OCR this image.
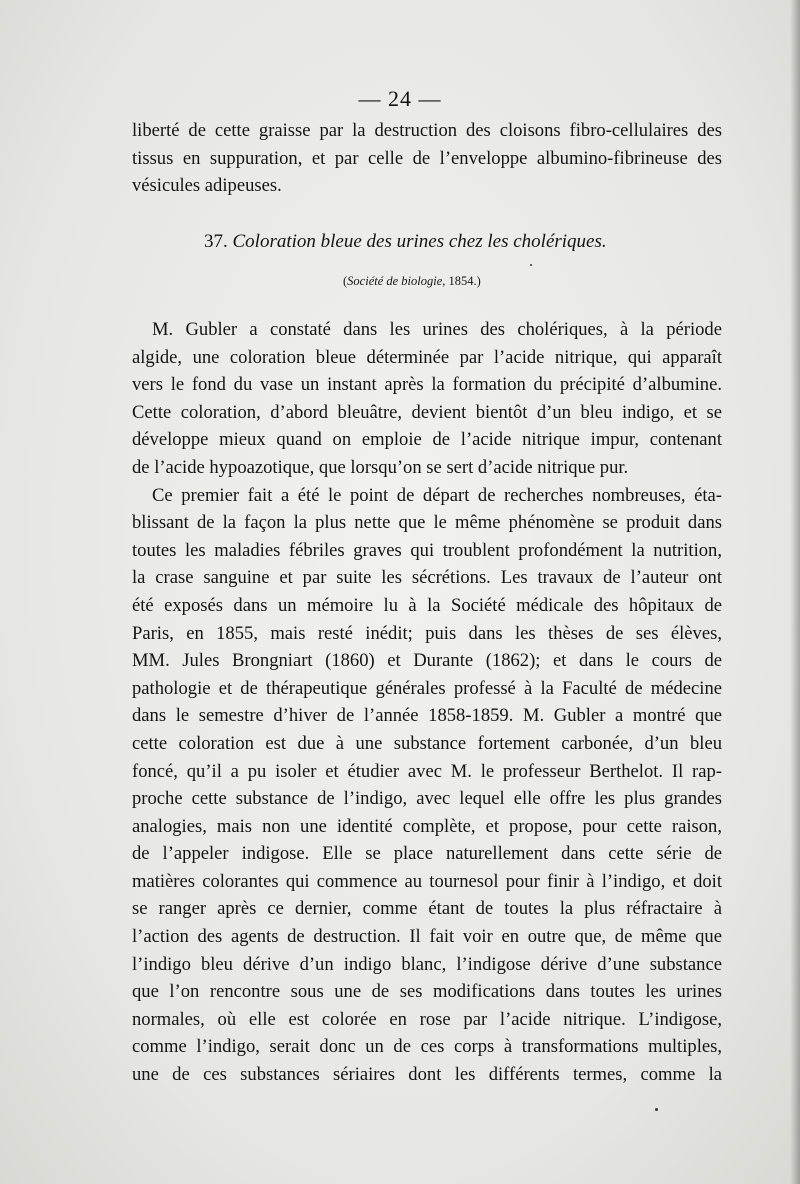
— 24 —
liberté de cette graisse par la destruction des cloisons fibro-cellulaires des
tissus en suppuration, et par celle de l’enveloppe albumino-fibrineuse des
vésicules adipeuses.
37. Coloration bleue des urines chez les cholériques.
(Société de biologie, 1854.)
M. Gubler a constaté dans les urines des cholériques, à la période
algide, une coloration bleue déterminée par l’acide nitrique, qui apparaît
vers le fond du vase un instant après la formation du précipité d’albumine.
Cette coloration, d’abord bleuâtre, devient bientôt d’un bleu indigo, et se
développe mieux quand on emploie de l’acide nitrique impur, contenant
de l’acide hypoazotique, que lorsqu’on se sert d’acide nitrique pur.
Ce premier fait a été le point de départ de recherches nombreuses, éta-
blissant de la façon la plus nette que le même phénomène se produit dans
toutes les maladies fébriles graves qui troublent profondément la nutrition,
la crase sanguine et par suite les sécrétions. Les travaux de l’auteur ont
été exposés dans un mémoire lu à la Société médicale des hôpitaux de
Paris, en 1855, mais resté inédit; puis dans les thèses de ses élèves,
MM. Jules Brongniart (1860) et Durante (1862); et dans le cours de
pathologie et de thérapeutique générales professé à la Faculté de médecine
dans le semestre d’hiver de l’année 1858-1859. M. Gubler a montré que
cette coloration est due à une substance fortement carbonée, d’un bleu
foncé, qu’il a pu isoler et étudier avec M. le professeur Berthelot. Il rap-
proche cette substance de l’indigo, avec lequel elle offre les plus grandes
analogies, mais non une identité complète, et propose, pour cette raison,
de l’appeler indigose. Elle se place naturellement dans cette série de
matières colorantes qui commence au tournesol pour finir à l’indigo, et doit
se ranger après ce dernier, comme étant de toutes la plus réfractaire à
l’action des agents de destruction. Il fait voir en outre que, de même que
l’indigo bleu dérive d’un indigo blanc, l’indigose dérive d’une substance
que l’on rencontre sous une de ses modifications dans toutes les urines
normales, où elle est colorée en rose par l’acide nitrique. L’indigose,
comme l’indigo, serait donc un de ces corps à transformations multiples,
une de ces substances sériaires dont les différents termes, comme la
